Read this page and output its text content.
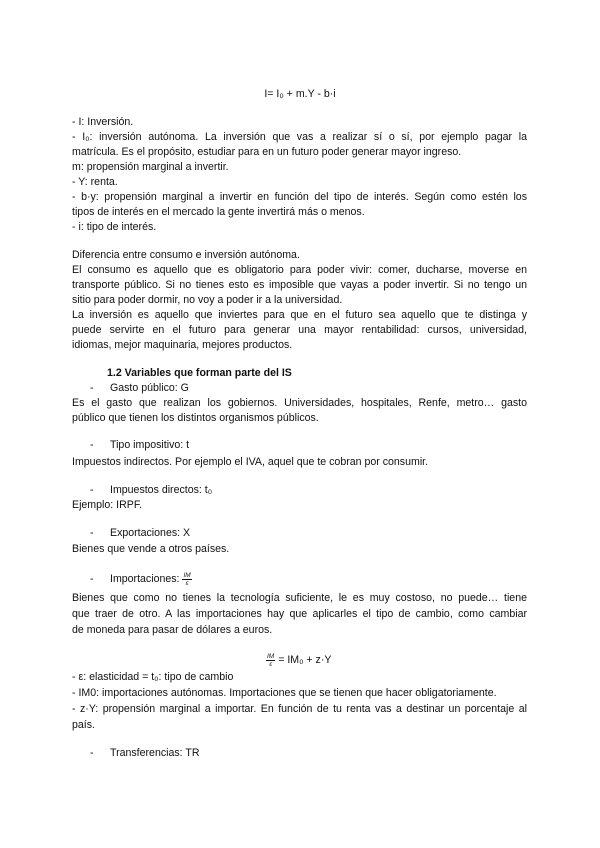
I= I₀ + m.Y - b·i
- I: Inversión.
- I₀: inversión autónoma. La inversión que vas a realizar sí o sí, por ejemplo pagar la
matrícula. Es el propósito, estudiar para en un futuro poder generar mayor ingreso.
m: propensión marginal a invertir.
- Y: renta.
- b·y: propensión marginal a invertir en función del tipo de interés. Según como estén los
tipos de interés en el mercado la gente invertirá más o menos.
- i: tipo de interés.
Diferencia entre consumo e inversión autónoma.
El consumo es aquello que es obligatorio para poder vivir: comer, ducharse, moverse en
transporte público. Si no tienes esto es imposible que vayas a poder invertir. Si no tengo un
sitio para poder dormir, no voy a poder ir a la universidad.
La inversión es aquello que inviertes para que en el futuro sea aquello que te distinga y
puede servirte en el futuro para generar una mayor rentabilidad: cursos, universidad,
idiomas, mejor maquinaria, mejores productos.
1.2 Variables que forman parte del IS
-	Gasto público: G
Es el gasto que realizan los gobiernos. Universidades, hospitales, Renfe, metro… gasto
público que tienen los distintos organismos públicos.
-	Tipo impositivo: t
Impuestos indirectos. Por ejemplo el IVA, aquel que te cobran por consumir.
-	Impuestos directos: t₀
Ejemplo: IRPF.
-	Exportaciones: X
Bienes que vende a otros países.
-	Importaciones: $\frac{IM}{\varepsilon}$
Bienes que como no tienes la tecnología suficiente, le es muy costoso, no puede… tiene
que traer de otro. A las importaciones hay que aplicarles el tipo de cambio, como cambiar
de moneda para pasar de dólares a euros.
$\frac{IM}{\varepsilon} = IM_0 + z\cdot Y$
- ε: elasticidad = t₀: tipo de cambio
- IM0: importaciones autónomas. Importaciones que se tienen que hacer obligatoriamente.
- z·Y: propensión marginal a importar. En función de tu renta vas a destinar un porcentaje al
país.
-	Transferencias: TR
